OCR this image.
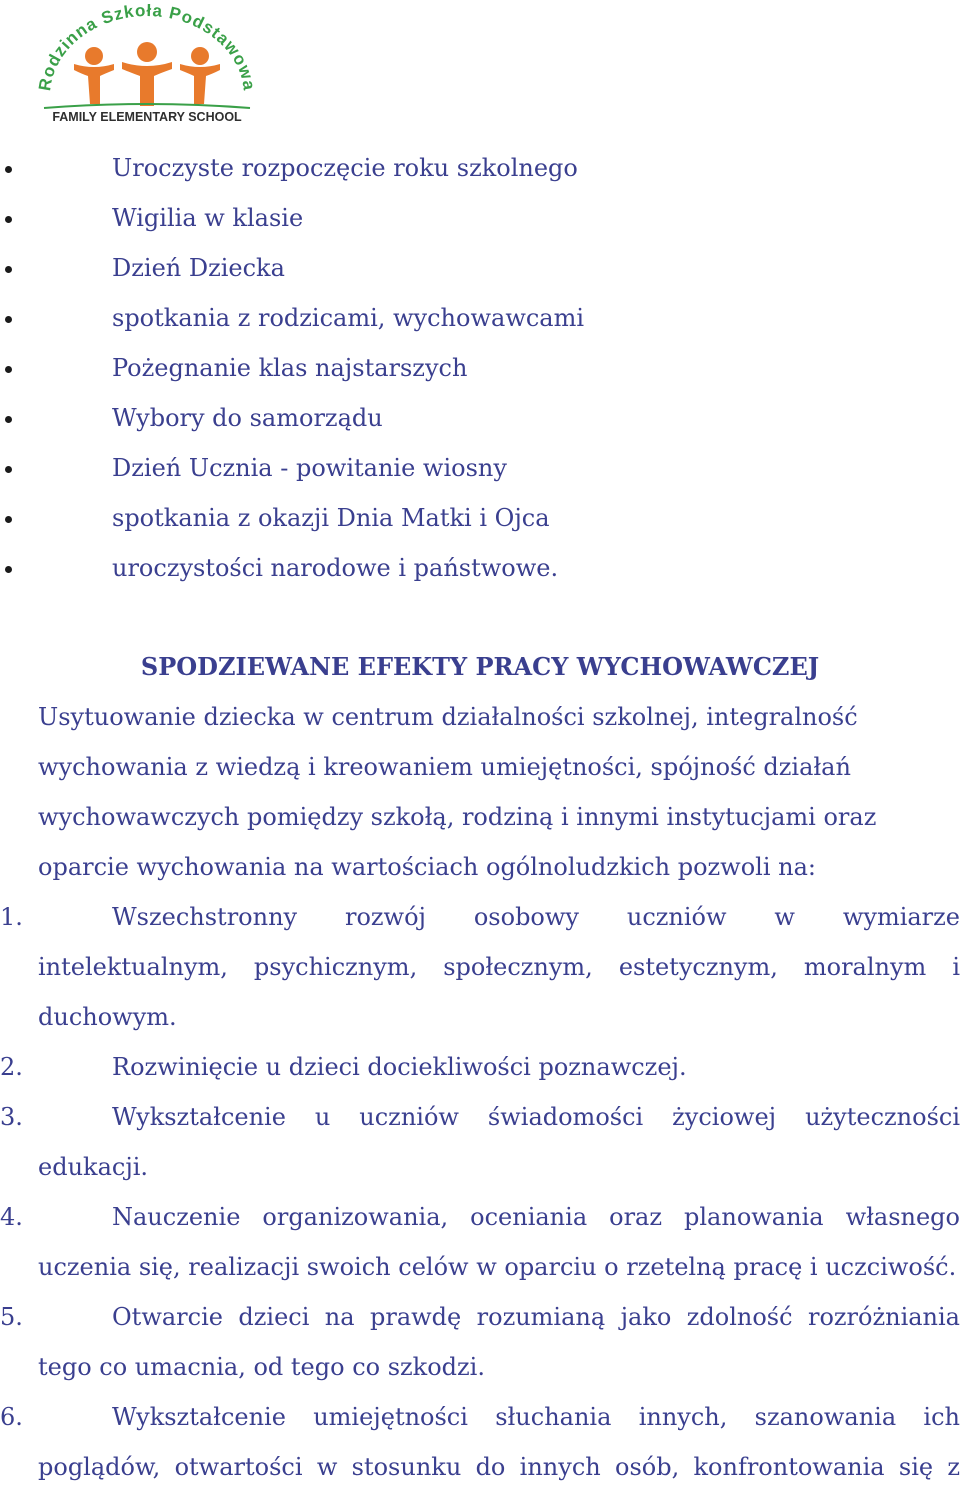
Rodzinna Szkoła Podstawowa
FAMILY ELEMENTARY SCHOOL
Uroczyste rozpoczęcie roku szkolnego
Wigilia w klasie
Dzień Dziecka
spotkania z rodzicami, wychowawcami
Pożegnanie klas najstarszych
Wybory do samorządu
Dzień Ucznia - powitanie wiosny
spotkania z okazji Dnia Matki i Ojca
uroczystości narodowe i państwowe.
SPODZIEWANE EFEKTY PRACY WYCHOWAWCZEJ
Usytuowanie dziecka w centrum działalności szkolnej, integralność
wychowania z wiedzą i kreowaniem umiejętności, spójność działań
wychowawczych pomiędzy szkołą, rodziną i innymi instytucjami oraz
oparcie wychowania na wartościach ogólnoludzkich pozwoli na:
1.	Wszechstronny rozwój osobowy uczniów w wymiarze
intelektualnym, psychicznym, społecznym, estetycznym, moralnym i
duchowym.
2.	Rozwinięcie u dzieci dociekliwości poznawczej.
3.	Wykształcenie u uczniów świadomości życiowej użyteczności
edukacji.
4.	Nauczenie organizowania, oceniania oraz planowania własnego
uczenia się, realizacji swoich celów w oparciu o rzetelną pracę i uczciwość.
5.	Otwarcie dzieci na prawdę rozumianą jako zdolność rozróżniania
tego co umacnia, od tego co szkodzi.
6.	Wykształcenie umiejętności słuchania innych, szanowania ich
poglądów, otwartości w stosunku do innych osób, konfrontowania się z
